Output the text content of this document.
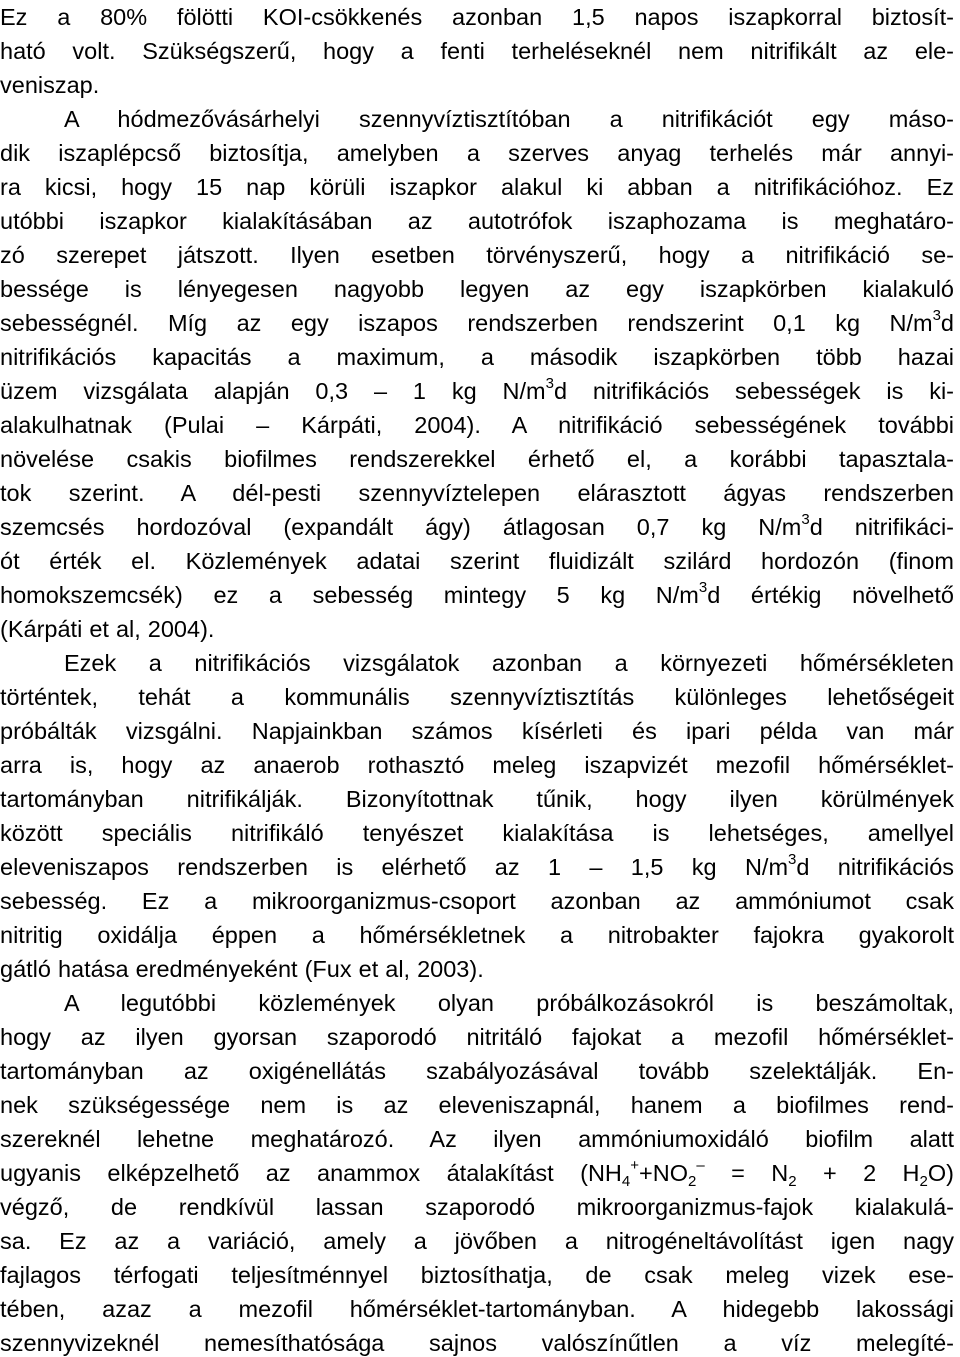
Ez a 80% fölötti KOI-csökkenés azonban 1,5 napos iszapkorral biztosít-
ható volt. Szükségszerű, hogy a fenti terheléseknél nem nitrifikált az ele-
veniszap.
A hódmezővásárhelyi szennyvíztisztítóban a nitrifikációt egy máso-
dik iszaplépcső biztosítja, amelyben a szerves anyag terhelés már annyi-
ra kicsi, hogy 15 nap körüli iszapkor alakul ki abban a nitrifikációhoz. Ez
utóbbi iszapkor kialakításában az autotrófok iszaphozama is meghatáro-
zó szerepet játszott. Ilyen esetben törvényszerű, hogy a nitrifikáció se-
bessége is lényegesen nagyobb legyen az egy iszapkörben kialakuló
sebességnél. Míg az egy iszapos rendszerben rendszerint 0,1 kg $N/m^3d$
nitrifikációs kapacitás a maximum, a második iszapkörben több hazai
üzem vizsgálata alapján 0,3 – 1 kg $N/m^3d$ nitrifikációs sebességek is ki-
alakulhatnak (Pulai – Kárpáti, 2004). A nitrifikáció sebességének további
növelése csakis biofilmes rendszerekkel érhető el, a korábbi tapasztala-
tok szerint. A dél-pesti szennyvíztelepen elárasztott ágyas rendszerben
szemcsés hordozóval (expandált ágy) átlagosan 0,7 kg $N/m^3d$ nitrifikáci-
ót érték el. Közlemények adatai szerint fluidizált szilárd hordozón (finom
homokszemcsék) ez a sebesség mintegy 5 kg $N/m^3d$ értékig növelhető
(Kárpáti et al, 2004).
Ezek a nitrifikációs vizsgálatok azonban a környezeti hőmérsékleten
történtek, tehát a kommunális szennyvíztisztítás különleges lehetőségeit
próbálták vizsgálni. Napjainkban számos kísérleti és ipari példa van már
arra is, hogy az anaerob rothasztó meleg iszapvizét mezofil hőmérséklet-
tartományban nitrifikálják. Bizonyítottnak tűnik, hogy ilyen körülmények
között speciális nitrifikáló tenyészet kialakítása is lehetséges, amellyel
eleveniszapos rendszerben is elérhető az 1 – 1,5 kg $N/m^3d$ nitrifikációs
sebesség. Ez a mikroorganizmus-csoport azonban az ammóniumot csak
nitritig oxidálja éppen a hőmérsékletnek a nitrobakter fajokra gyakorolt
gátló hatása eredményeként (Fux et al, 2003).
A legutóbbi közlemények olyan próbálkozásokról is beszámoltak,
hogy az ilyen gyorsan szaporodó nitritáló fajokat a mezofil hőmérséklet-
tartományban az oxigénellátás szabályozásával tovább szelektálják. En-
nek szükségessége nem is az eleveniszapnál, hanem a biofilmes rend-
szereknél lehetne meghatározó. Az ilyen ammóniumoxidáló biofilm alatt
ugyanis elképzelhető az anammox átalakítást ($NH_4^++NO_2^- = N_2 + 2$ $H_2O$)
végző, de rendkívül lassan szaporodó mikroorganizmus-fajok kialakulá-
sa. Ez az a variáció, amely a jövőben a nitrogéneltávolítást igen nagy
fajlagos térfogati teljesítménnyel biztosíthatja, de csak meleg vizek ese-
tében, azaz a mezofil hőmérséklet-tartományban. A hidegebb lakossági
szennyvizeknél nemesíthatósága sajnos valószínűtlen a víz melegíté-
